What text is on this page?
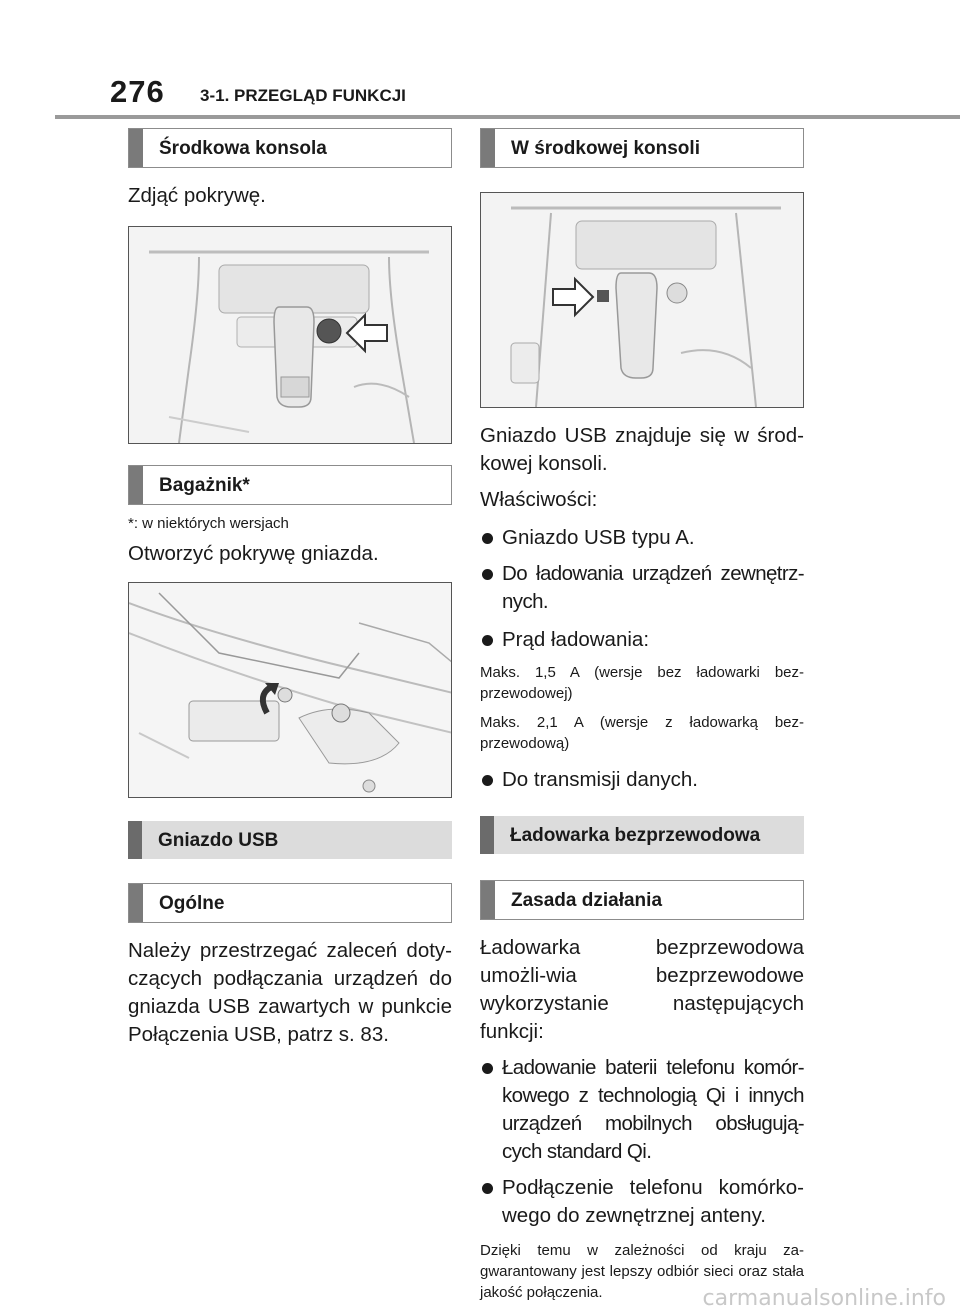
276 3-1. PRZEGLĄD FUNKCJI
Środkowa konsola

Zdjąć pokrywę.

Bagażnik*

*: w niektórych wersjach

Otworzyć pokrywę gniazda.

Gniazdo USB
Ogólne

Należy przestrzegać zaleceń doty-czących podłączania urządzeń do gniazda USB zawartych w punkcie Połączenia USB, patrz s. 83.

W środkowej konsoli

Gniazdo USB znajduje się w środ-kowej konsoli.

Właściwości:

Gniazdo USB typu A.
Do ładowania urządzeń zewnętrz-nych.
Prąd ładowania:

Maks. 1,5 A (wersje bez ładowarki bez-przewodowej)

Maks. 2,1 A (wersje z ładowarką bez-przewodową)

Do transmisji danych.
Ładowarka bezprzewodowa
Zasada działania

Ładowarka bezprzewodowa umożli-wia bezprzewodowe wykorzystanie następujących funkcji:

Ładowanie baterii telefonu komór-kowego z technologią Qi i innych urządzeń mobilnych obsługują-cych standard Qi.
Podłączenie telefonu komórko-wego do zewnętrznej anteny.

Dzięki temu w zależności od kraju za-gwarantowany jest lepszy odbiór sieci oraz stała jakość połączenia.	carmanualsonline.info
